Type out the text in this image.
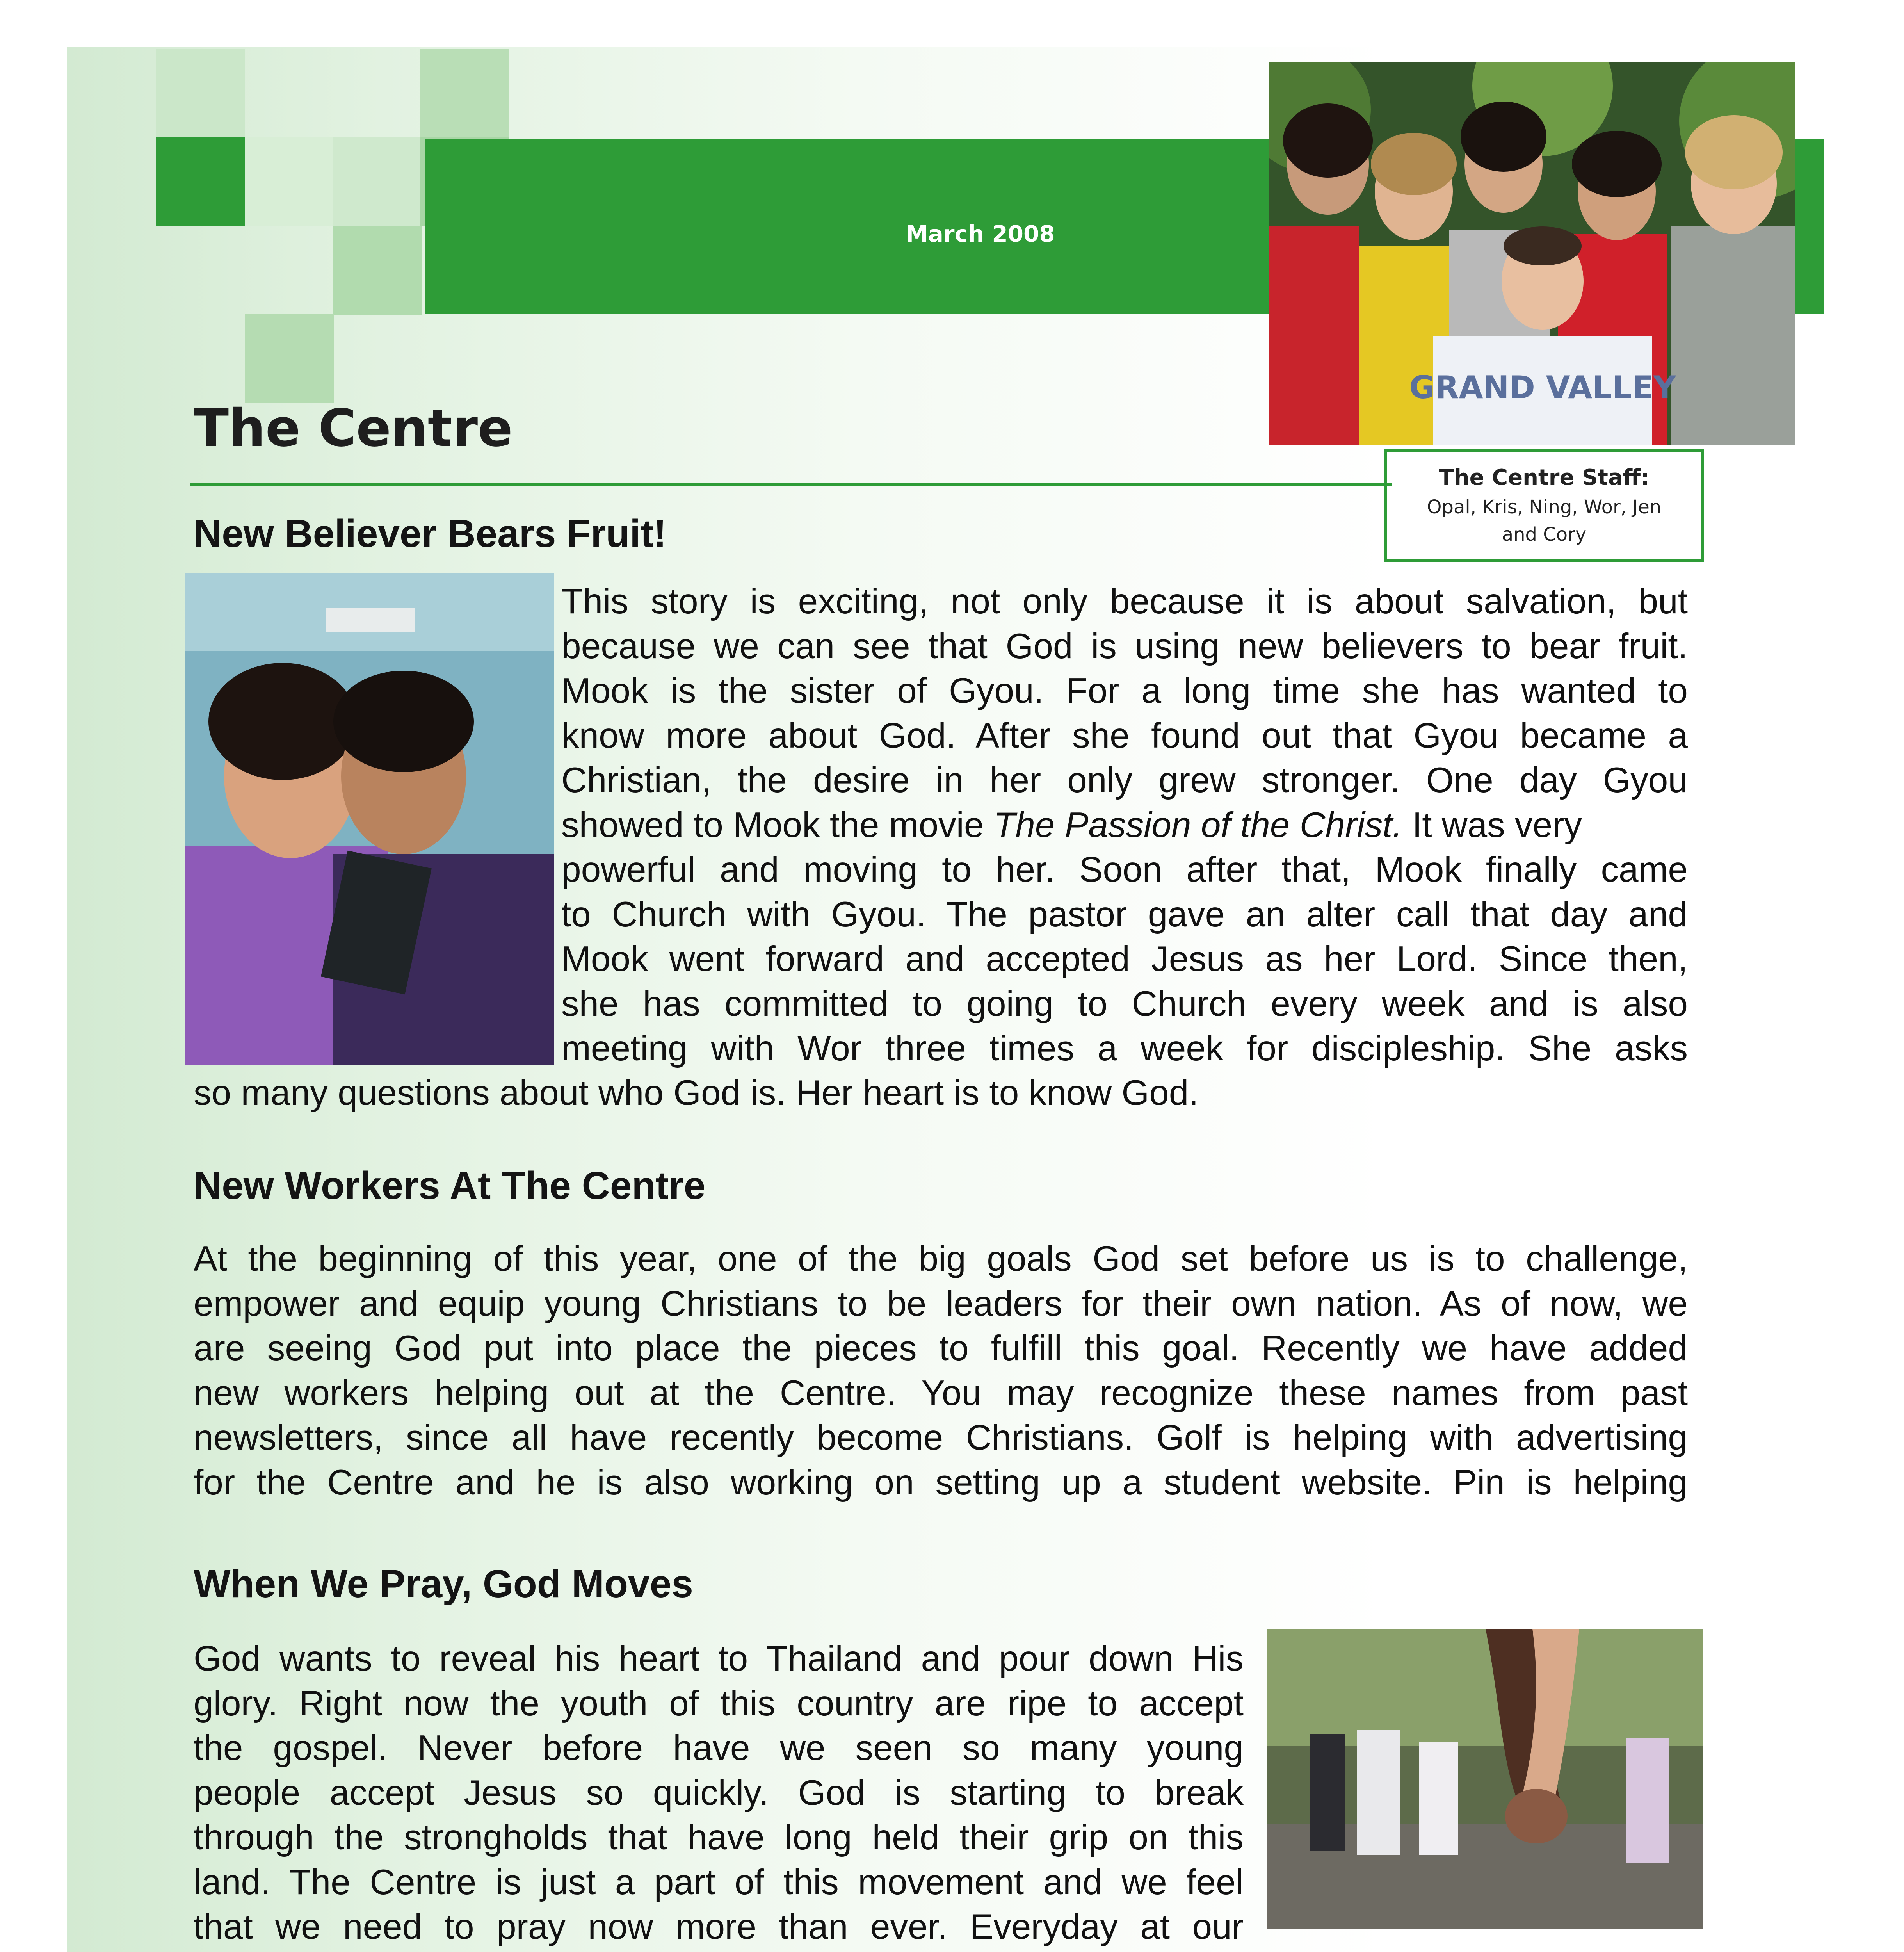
March 2008
GRAND VALLEY
The Centre Staff:
Opal, Kris, Ning, Wor, Jen
and Cory
The Centre
New Believer Bears Fruit!
This story is exciting, not only because it is about salvation, but
because we can see that God is using new believers to bear fruit.
Mook is the sister of Gyou. For a long time she has wanted to
know more about God. After she found out that Gyou became a
Christian, the desire in her only grew stronger. One day Gyou
showed to Mook the movie The Passion of the Christ. It was very
powerful and moving to her. Soon after that, Mook finally came
to Church with Gyou. The pastor gave an alter call that day and
Mook went forward and accepted Jesus as her Lord. Since then,
she has committed to going to Church every week and is also
meeting with Wor three times a week for discipleship. She asks
so many questions about who God is. Her heart is to know God.
New Workers At The Centre
At the beginning of this year, one of the big goals God set before us is to challenge,
empower and equip young Christians to be leaders for their own nation. As of now, we
are seeing God put into place the pieces to fulfill this goal. Recently we have added
new workers helping out at the Centre. You may recognize these names from past
newsletters, since all have recently become Christians. Golf is helping with advertising
for the Centre and he is also working on setting up a student website. Pin is helping
When We Pray, God Moves
God wants to reveal his heart to Thailand and pour down His
glory. Right now the youth of this country are ripe to accept
the gospel. Never before have we seen so many young
people accept Jesus so quickly. God is starting to break
through the strongholds that have long held their grip on this
land. The Centre is just a part of this movement and we feel
that we need to pray now more than ever. Everyday at our
